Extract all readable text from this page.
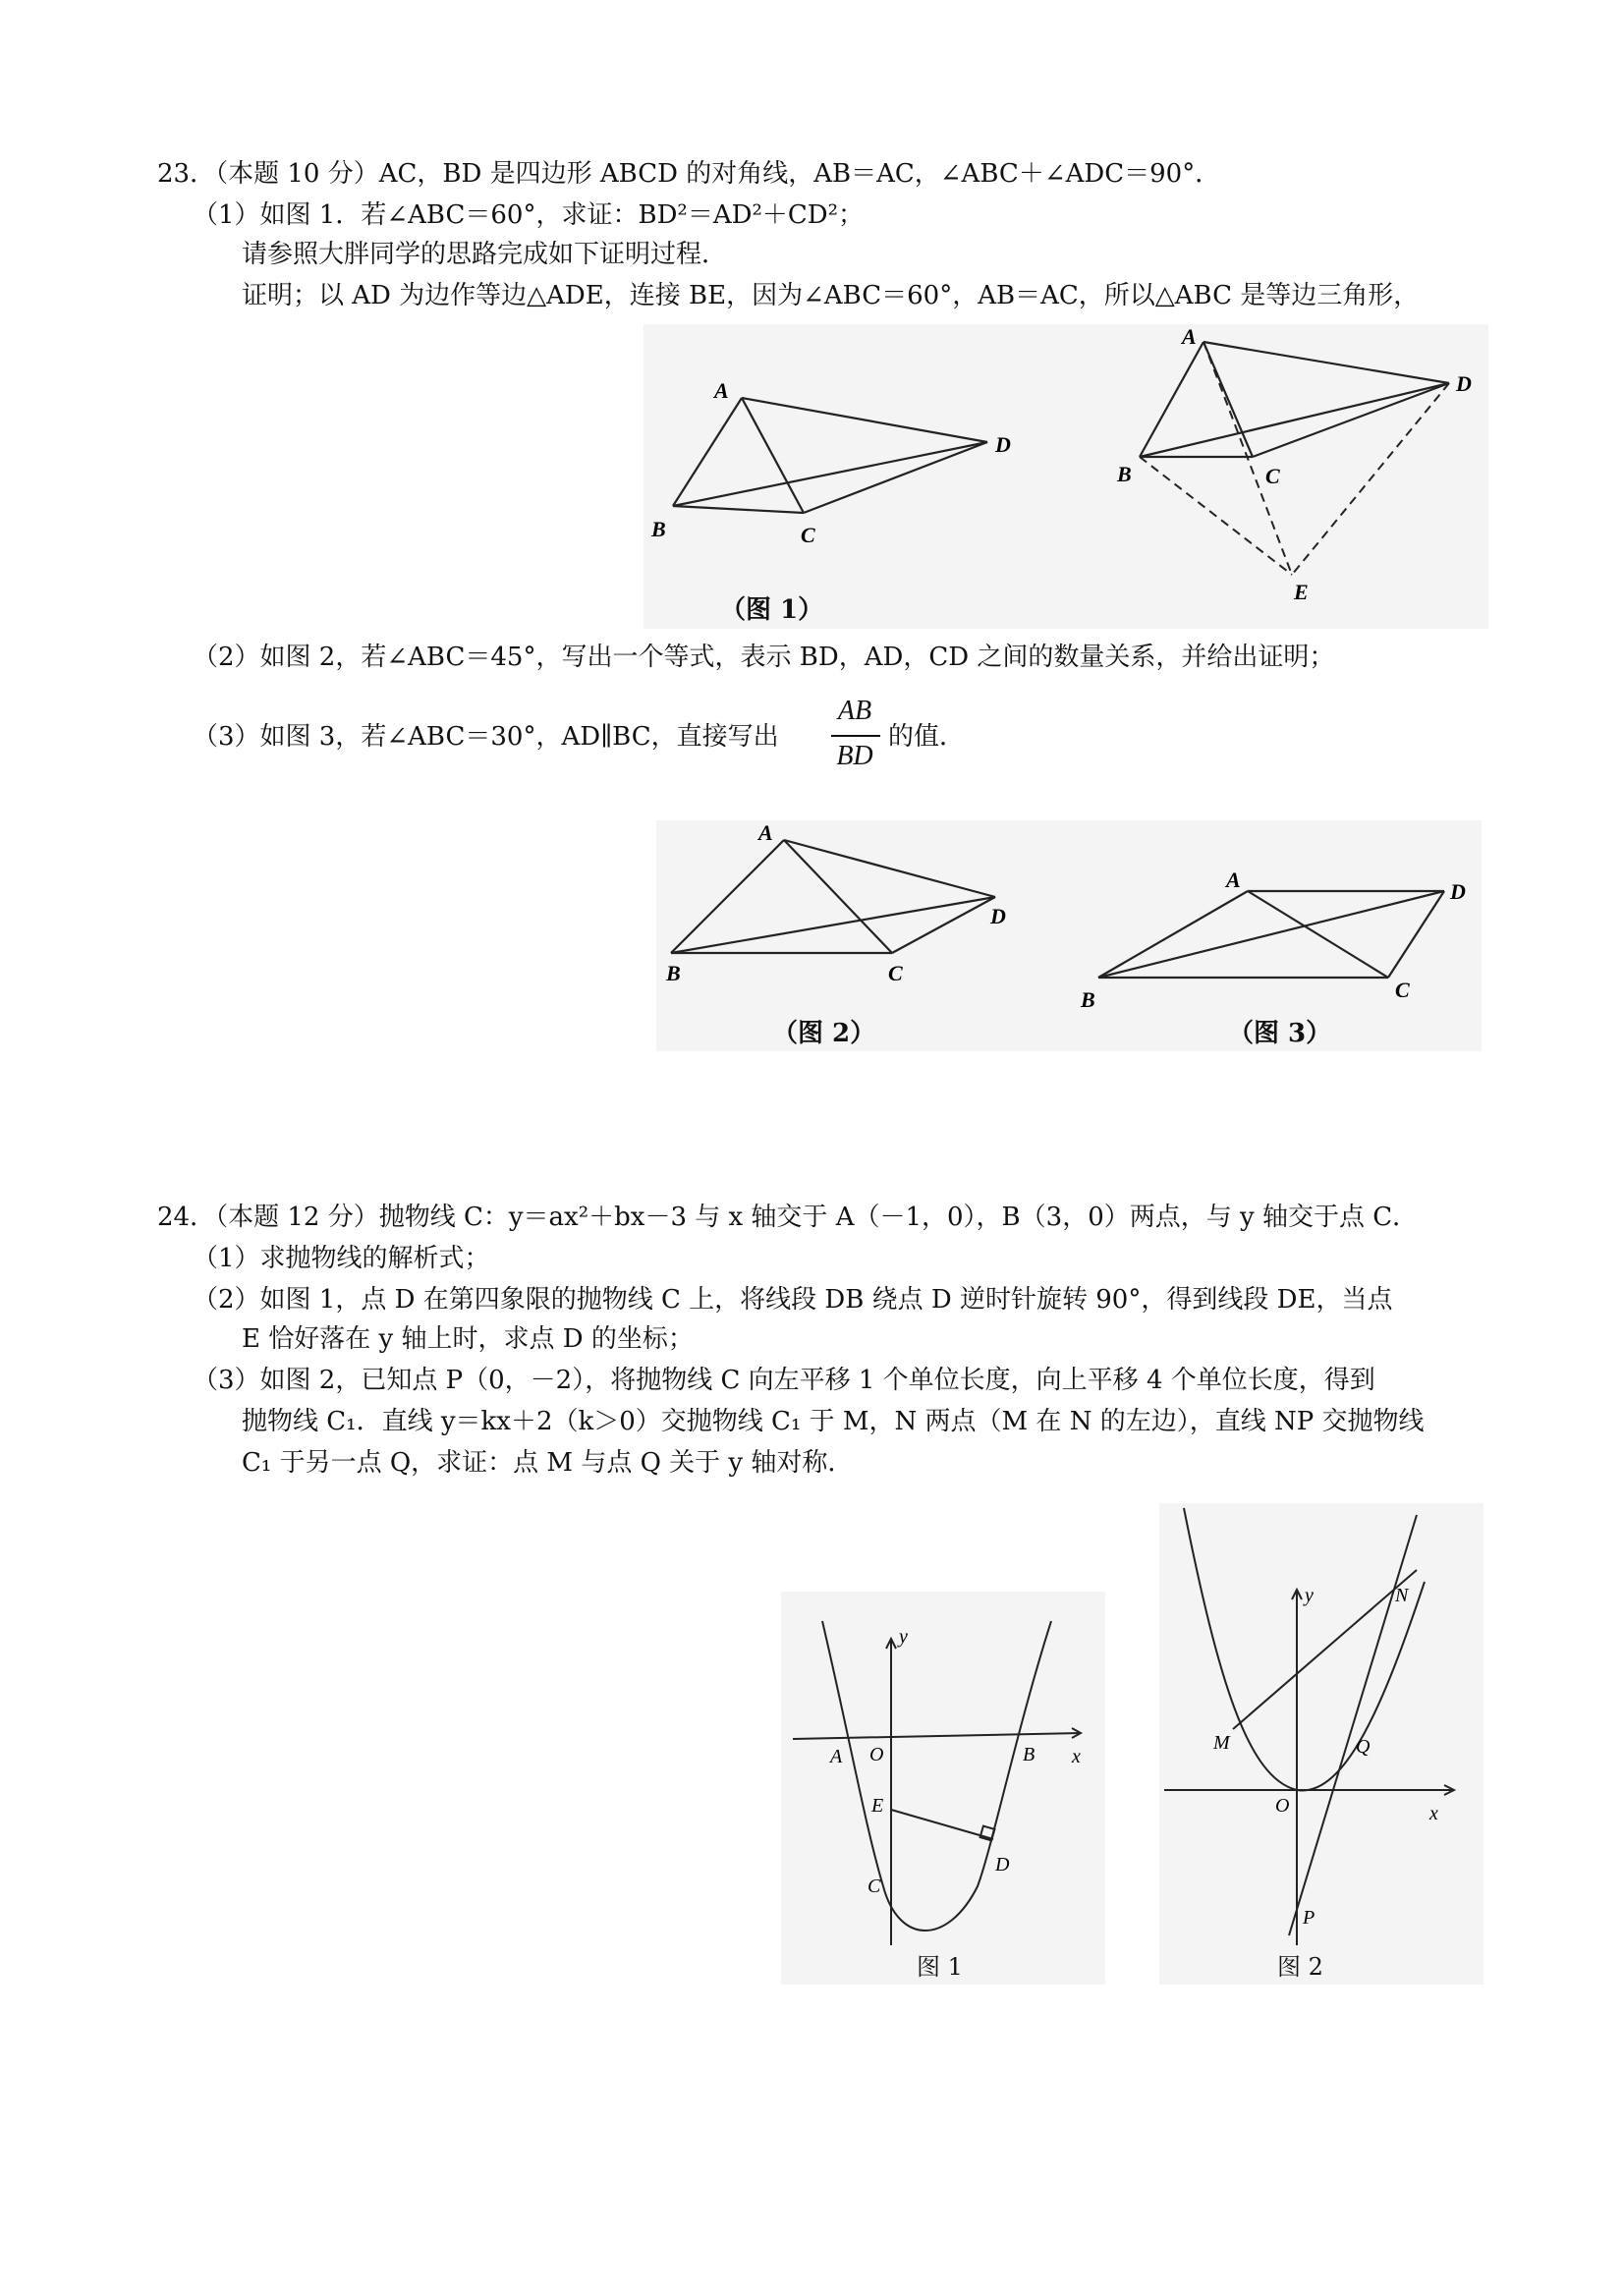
23．（本题 10 分）AC，BD 是四边形 ABCD 的对角线，AB＝AC，∠ABC＋∠ADC＝90°．
（1）如图 1．若∠ABC＝60°，求证：BD²＝AD²＋CD²；
请参照大胖同学的思路完成如下证明过程．
证明；以 AD 为边作等边△ADE，连接 BE，因为∠ABC＝60°，AB＝AC，所以△ABC 是等边三角形，
A
B	C
D
A
B	C
D
E
（图 1）
（2）如图 2，若∠ABC＝45°，写出一个等式，表示 BD，AD，CD 之间的数量关系，并给出证明；
（3）如图 3，若∠ABC＝30°，AD∥BC，直接写出
AB
BD
的值．
A
B	C
D
A
B	C
D
（图 2）	（图 3）
24．（本题 12 分）抛物线 C：y＝ax²＋bx－3 与 x 轴交于 A（－1，0），B（3，0）两点，与 y 轴交于点 C．
（1）求抛物线的解析式；
（2）如图 1，点 D 在第四象限的抛物线 C 上，将线段 DB 绕点 D 逆时针旋转 90°，得到线段 DE，当点
E 恰好落在 y 轴上时，求点 D 的坐标；
（3）如图 2，已知点 P（0，－2），将抛物线 C 向左平移 1 个单位长度，向上平移 4 个单位长度，得到
抛物线 C₁．直线 y＝kx＋2（k＞0）交抛物线 C₁ 于 M，N 两点（M 在 N 的左边），直线 NP 交抛物线
C₁ 于另一点 Q，求证：点 M 与点 Q 关于 y 轴对称．
y
x
A O	B
E
C
D
图 1
y
x
O
M
N
Q
P
图 2
